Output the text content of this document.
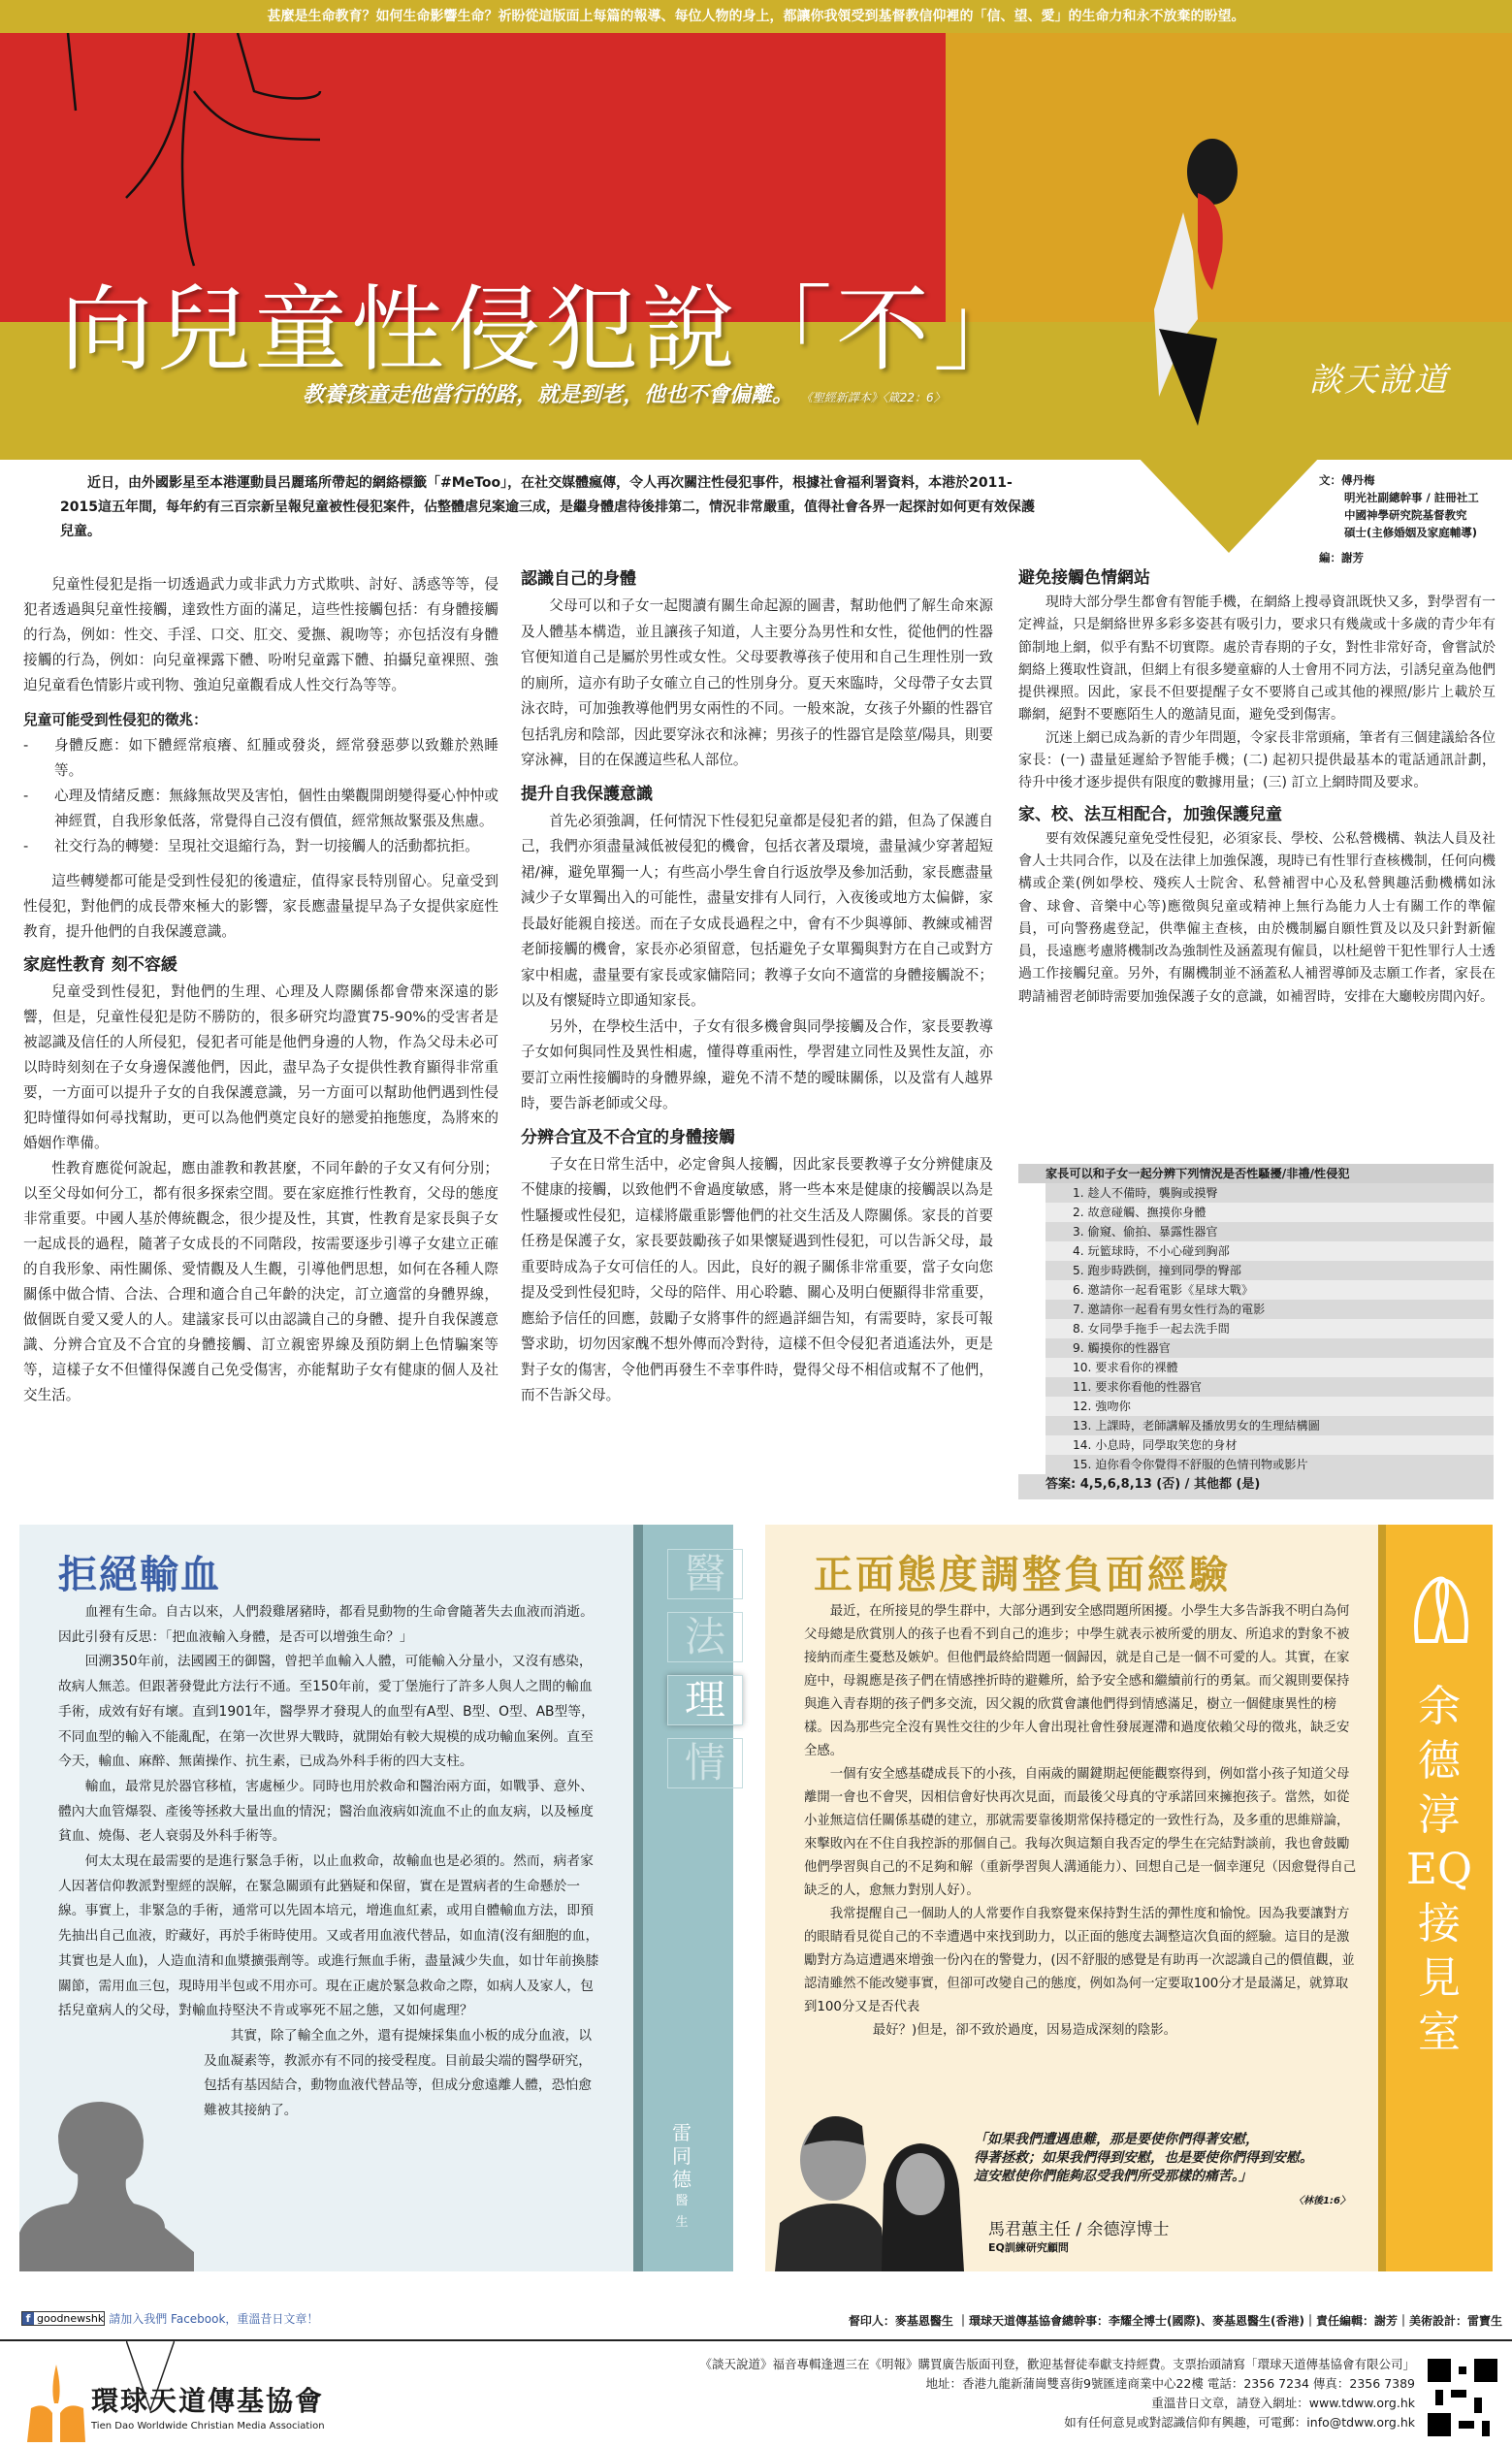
甚麼是生命教育？如何生命影響生命？祈盼從這版面上每篇的報導、每位人物的身上，都讓你我領受到基督教信仰裡的「信、望、愛」的生命力和永不放棄的盼望。
向兒童性侵犯說「不」
教養孩童走他當行的路，就是到老，他也不會偏離。 《聖經新譯本》〈箴22：6〉	談天說道
近日，由外國影星至本港運動員呂麗瑤所帶起的網絡標籤「#MeToo」，在社交媒體瘋傳，令人再次關注性侵犯事件，根據社會福利署資料，本港於2011-2015這五年間，每年約有三百宗新呈報兒童被性侵犯案件，佔整體虐兒案逾三成，是繼身體虐待後排第二，情況非常嚴重，值得社會各界一起探討如何更有效保護兒童。
文：傅丹梅
明光社副總幹事 / 註冊社工
中國神學研究院基督教究
碩士(主修婚姻及家庭輔導)
編：謝芳

兒童性侵犯是指一切透過武力或非武力方式欺哄、討好、誘惑等等，侵犯者透過與兒童性接觸，達致性方面的滿足，這些性接觸包括：有身體接觸的行為，例如：性交、手淫、口交、肛交、愛撫、親吻等；亦包括沒有身體接觸的行為，例如：向兒童裸露下體、吩咐兒童露下體、拍攝兒童裸照、強迫兒童看色情影片或刊物、強迫兒童觀看成人性交行為等等。

兒童可能受到性侵犯的徵兆：
- 身體反應：如下體經常痕癢、紅腫或發炎，經常發惡夢以致難於熟睡等。
- 心理及情緒反應：無緣無故哭及害怕，個性由樂觀開朗變得憂心忡忡或神經質，自我形象低落，常覺得自己沒有價值，經常無故緊張及焦慮。
- 社交行為的轉變：呈現社交退縮行為，對一切接觸人的活動都抗拒。

這些轉變都可能是受到性侵犯的後遺症，值得家長特別留心。兒童受到性侵犯，對他們的成長帶來極大的影響，家長應盡量提早為子女提供家庭性教育，提升他們的自我保護意識。

家庭性教育 刻不容緩

兒童受到性侵犯，對他們的生理、心理及人際關係都會帶來深遠的影響，但是，兒童性侵犯是防不勝防的，很多研究均證實75-90%的受害者是被認識及信任的人所侵犯，侵犯者可能是他們身邊的人物，作為父母未必可以時時刻刻在子女身邊保護他們，因此，盡早為子女提供性教育顯得非常重要，一方面可以提升子女的自我保護意識，另一方面可以幫助他們遇到性侵犯時懂得如何尋找幫助，更可以為他們奠定良好的戀愛拍拖態度，為將來的婚姻作準備。

性教育應從何說起，應由誰教和教甚麼，不同年齡的子女又有何分別；以至父母如何分工，都有很多探索空間。要在家庭推行性教育，父母的態度非常重要。中國人基於傳統觀念，很少提及性，其實，性教育是家長與子女一起成長的過程，隨著子女成長的不同階段，按需要逐步引導子女建立正確的自我形象、兩性關係、愛情觀及人生觀，引導他們思想，如何在各種人際關係中做合情、合法、合理和適合自己年齡的決定，訂立適當的身體界線，做個既自愛又愛人的人。建議家長可以由認識自己的身體、提升自我保護意識、分辨合宜及不合宜的身體接觸、訂立親密界線及預防網上色情騙案等等，這樣子女不但懂得保護自己免受傷害，亦能幫助子女有健康的個人及社交生活。

認識自己的身體

父母可以和子女一起閱讀有關生命起源的圖書，幫助他們了解生命來源及人體基本構造，並且讓孩子知道，人主要分為男性和女性，從他們的性器官便知道自己是屬於男性或女性。父母要教導孩子使用和自己生理性別一致的廁所，這亦有助子女確立自己的性別身分。夏天來臨時，父母帶子女去買泳衣時，可加強教導他們男女兩性的不同。一般來說，女孩子外顯的性器官包括乳房和陰部，因此要穿泳衣和泳褲；男孩子的性器官是陰莖/陽具，則要穿泳褲，目的在保護這些私人部位。

提升自我保護意識

首先必須強調，任何情況下性侵犯兒童都是侵犯者的錯，但為了保護自己，我們亦須盡量減低被侵犯的機會，包括衣著及環境，盡量減少穿著超短裙/褲，避免單獨一人；有些高小學生會自行返放學及參加活動，家長應盡量減少子女單獨出入的可能性，盡量安排有人同行，入夜後或地方太偏僻，家長最好能親自接送。而在子女成長過程之中，會有不少與導師、教練或補習老師接觸的機會，家長亦必須留意，包括避免子女單獨與對方在自己或對方家中相處，盡量要有家長或家傭陪同；教導子女向不適當的身體接觸說不；以及有懷疑時立即通知家長。

另外，在學校生活中，子女有很多機會與同學接觸及合作，家長要教導子女如何與同性及異性相處，懂得尊重兩性，學習建立同性及異性友誼，亦要訂立兩性接觸時的身體界線，避免不清不楚的曖昧關係，以及當有人越界時，要告訴老師或父母。

分辨合宜及不合宜的身體接觸

子女在日常生活中，必定會與人接觸，因此家長要教導子女分辨健康及不健康的接觸，以致他們不會過度敏感，將一些本來是健康的接觸誤以為是性騷擾或性侵犯，這樣將嚴重影響他們的社交生活及人際關係。家長的首要任務是保護子女，家長要鼓勵孩子如果懷疑遇到性侵犯，可以告訴父母，最重要時成為子女可信任的人。因此，良好的親子關係非常重要，當子女向您提及受到性侵犯時，父母的陪伴、用心聆聽、關心及明白便顯得非常重要，應給予信任的回應，鼓勵子女將事件的經過詳細告知，有需要時，家長可報警求助，切勿因家醜不想外傳而冷對待，這樣不但令侵犯者逍遙法外，更是對子女的傷害，令他們再發生不幸事件時，覺得父母不相信或幫不了他們，而不告訴父母。

避免接觸色情網站

現時大部分學生都會有智能手機，在網絡上搜尋資訊既快又多，對學習有一定裨益，只是網絡世界多彩多姿甚有吸引力，要求只有幾歲或十多歲的青少年有節制地上網，似乎有點不切實際。處於青春期的子女，對性非常好奇，會嘗試於網絡上獲取性資訊，但網上有很多變童癖的人士會用不同方法，引誘兒童為他們提供裸照。因此，家長不但要提醒子女不要將自己或其他的裸照/影片上載於互聯網，絕對不要應陌生人的邀請見面，避免受到傷害。

沉迷上網已成為新的青少年問題，令家長非常頭痛，筆者有三個建議給各位家長：(一) 盡量延遲給予智能手機；(二) 起初只提供最基本的電話通訊計劃，待升中後才逐步提供有限度的數據用量；(三) 訂立上網時間及要求。

家、校、法互相配合，加強保護兒童

要有效保護兒童免受性侵犯，必須家長、學校、公私營機構、執法人員及社會人士共同合作，以及在法律上加強保護，現時已有性罪行查核機制，任何向機構或企業(例如學校、殘疾人士院舍、私營補習中心及私營興趣活動機構如泳會、球會、音樂中心等)應徵與兒童或精神上無行為能力人士有關工作的準僱員，可向警務處登記，供準僱主查核，由於機制屬自願性質及以及只針對新僱員，長遠應考慮將機制改為強制性及涵蓋現有僱員，以杜絕曾干犯性罪行人士透過工作接觸兒童。另外，有關機制並不涵蓋私人補習導師及志願工作者，家長在聘請補習老師時需要加強保護子女的意識，如補習時，安排在大廳較房間內好。

家長可以和子女一起分辨下列情況是否性騷擾/非禮/性侵犯
1. 趁人不備時，襲胸或摸臀
2. 故意碰觸、撫摸你身體
3. 偷窺、偷拍、暴露性器官
4. 玩籃球時，不小心碰到胸部
5. 跑步時跌倒，撞到同學的臀部
6. 邀請你一起看電影《星球大戰》
7. 邀請你一起看有男女性行為的電影
8. 女同學手拖手一起去洗手間
9. 觸摸你的性器官
10. 要求看你的裸體
11. 要求你看他的性器官
12. 強吻你
13. 上課時，老師講解及播放男女的生理結構圖
14. 小息時，同學取笑您的身材
15. 迫你看令你覺得不舒服的色情刊物或影片
答案: 4,5,6,8,13 (否) / 其他都 (是)
拒絕輸血

血裡有生命。自古以來，人們殺雞屠豬時，都看見動物的生命會隨著失去血液而消逝。因此引發有反思：「把血液輸入身體，是否可以增強生命？」

回溯350年前，法國國王的御醫，曾把羊血輸入人體，可能輸入分量小，又沒有感染，故病人無恙。但跟著發覺此方法行不通。至150年前，愛丁堡施行了許多人與人之間的輸血手術，成效有好有壞。直到1901年，醫學界才發現人的血型有A型、B型、O型、AB型等，不同血型的輸入不能亂配，在第一次世界大戰時，就開始有較大規模的成功輸血案例。直至今天，輸血、麻醉、無菌操作、抗生素，已成為外科手術的四大支柱。

輸血，最常見於器官移植，害處極少。同時也用於救命和醫治兩方面，如戰爭、意外、體內大血管爆裂、產後等拯救大量出血的情況；醫治血液病如流血不止的血友病，以及極度貧血、燒傷、老人衰弱及外科手術等。

何太太現在最需要的是進行緊急手術，以止血救命，故輸血也是必須的。然而，病者家人因著信仰教派對聖經的誤解，在緊急關頭有此猶疑和保留，實在是置病者的生命懸於一線。事實上，非緊急的手術，通常可以先固本培元，增進血紅素，或用自體輸血方法，即預先抽出自己血液，貯藏好，再於手術時使用。又或者用血液代替品，如血清(沒有細胞的血，其實也是人血)，人造血清和血漿擴張劑等。或進行無血手術，盡量減少失血，如廿年前換膝關節，需用血三包，現時用半包或不用亦可。現在正處於緊急救命之際，如病人及家人，包括兒童病人的父母，對輸血持堅決不肯或寧死不屈之態，又如何處理？

其實，除了輸全血之外，還有提煉採集血小板的成分血液，以及血凝素等，教派亦有不同的接受程度。目前最尖端的醫學研究，包括有基因結合，動物血液代替品等，但成分愈遠離人體，恐怕愈難被其接納了。

醫
法
理
情
雷同德
醫生
正面態度調整負面經驗

最近，在所接見的學生群中，大部分遇到安全感問題所困擾。小學生大多告訴我不明白為何父母總是欣賞別人的孩子也看不到自己的進步；中學生就表示被所愛的朋友、所追求的對象不被接納而產生憂愁及嫉妒。但他們最終給問題一個歸因，就是自己是一個不可愛的人。其實，在家庭中，母親應是孩子們在情感挫折時的避難所，給予安全感和繼續前行的勇氣。而父親則要保持與進入青春期的孩子們多交流，因父親的欣賞會讓他們得到情感滿足，樹立一個健康異性的榜樣。因為那些完全沒有異性交往的少年人會出現社會性發展遲滯和過度依賴父母的徵兆，缺乏安全感。

一個有安全感基礎成長下的小孩，自兩歲的關鍵期起便能觀察得到，例如當小孩子知道父母離開一會也不會哭，因相信會好快再次見面，而最後父母真的守承諾回來擁抱孩子。當然，如從小並無這信任關係基礎的建立，那就需要靠後期常保持穩定的一致性行為，及多重的思維辯論，來擊敗內在不住自我控訴的那個自己。我每次與這類自我否定的學生在完結對談前，我也會鼓勵他們學習與自己的不足夠和解（重新學習與人溝通能力）、回想自己是一個幸運兒（因愈覺得自己缺乏的人，愈無力對別人好）。

我常提醒自己一個助人的人常要作自我察覺來保持對生活的彈性度和愉悅。因為我要讓對方的眼睛看見從自己的不幸遭遇中來找到助力，以正面的態度去調整這次負面的經驗。這目的是激勵對方為這遭遇來增強一份內在的警覺力，(因不舒服的感覺是有助再一次認識自己的價值觀，並認清雖然不能改變事實，但卻可改變自己的態度，例如為何一定要取100分才是最滿足，就算取到100分又是否代表

最好？)但是，卻不致於過度，因易造成深刻的陰影。

「如果我們遭遇患難，那是要使你們得著安慰，
得著拯救；如果我們得到安慰，也是要使你們得到安慰。
這安慰使你們能夠忍受我們所受那樣的痛苦。」
〈林後1:6〉
馬君蕙主任 / 余德淳博士
EQ訓練研究顧問
余
德
淳
EQ
接
見
室
f goodnewshk 請加入我們 Facebook，重溫昔日文章！	督印人：麥基恩醫生 ｜環球天道傳基協會總幹事：李耀全博士(國際)、麥基恩醫生(香港)｜責任編輯：謝芳｜美術設計：雷寶生
環球天道傳基協會
Tien Dao Worldwide Christian Media Association
《談天說道》福音專輯逢週三在《明報》購買廣告版面刊登，歡迎基督徒奉獻支持經費。支票抬頭請寫「環球天道傳基協會有限公司」
地址：香港九龍新蒲崗雙喜街9號匯達商業中心22樓 電話：2356 7234 傳真：2356 7389
重溫昔日文章，請登入網址：www.tdww.org.hk
如有任何意見或對認識信仰有興趣，可電郵：info@tdww.org.hk
